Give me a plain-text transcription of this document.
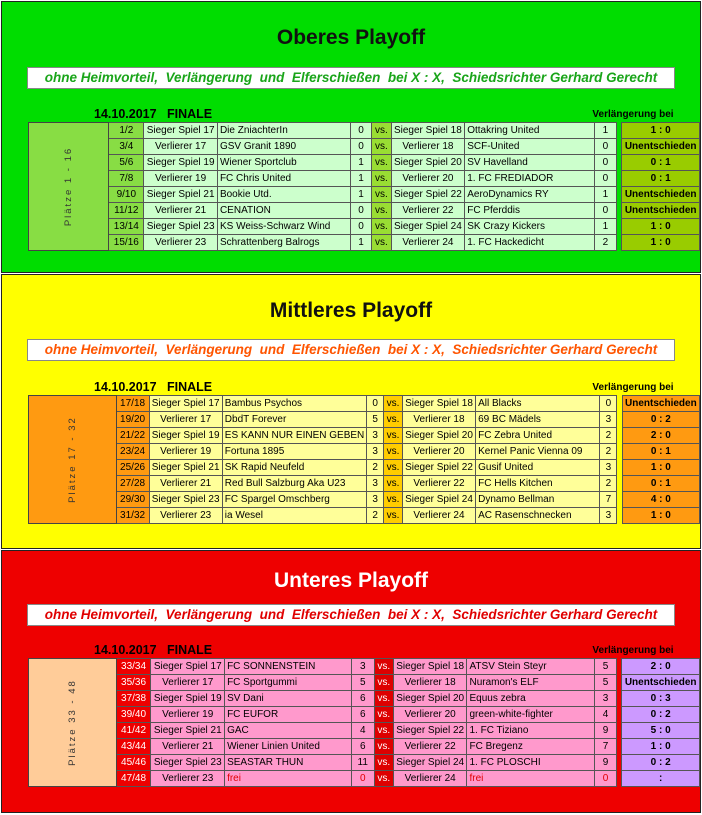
Oberes Playoff
ohne Heimvorteil,  Verlängerung  und  Elferschießen  bei X : X,  Schiedsrichter Gerhard Gerecht
14.10.2017 FINALE	Verlängerung bei
Plätze 1 - 16	1/2	Sieger Spiel 17	Die ZniachterIn	0	vs.	Sieger Spiel 18	Ottakring United	1		1 : 0
	3/4	Verlierer 17	GSV Granit 1890	0	vs.	Verlierer 18	SCF-United	0		Unentschieden
	5/6	Sieger Spiel 19	Wiener Sportclub	1	vs.	Sieger Spiel 20	SV Havelland	0		0 : 1
	7/8	Verlierer 19	FC Chris United	1	vs.	Verlierer 20	1. FC FREDIADOR	0		0 : 1
	9/10	Sieger Spiel 21	Bookie Utd.	1	vs.	Sieger Spiel 22	AeroDynamics RY	1		Unentschieden
	11/12	Verlierer 21	CENATION	0	vs.	Verlierer 22	FC Pferddis	0		Unentschieden
	13/14	Sieger Spiel 23	KS Weiss-Schwarz Wind	0	vs.	Sieger Spiel 24	SK Crazy Kickers	1		1 : 0
	15/16	Verlierer 23	Schrattenberg Balrogs	1	vs.	Verlierer 24	1. FC Hackedicht	2		1 : 0
Mittleres Playoff
ohne Heimvorteil,  Verlängerung  und  Elferschießen  bei X : X,  Schiedsrichter Gerhard Gerecht
14.10.2017 FINALE	Verlängerung bei
Plätze 17 - 32	17/18	Sieger Spiel 17	Bambus Psychos	0	vs.	Sieger Spiel 18	All Blacks	0		Unentschieden
	19/20	Verlierer 17	DbdT Forever	5	vs.	Verlierer 18	69 BC Mädels	3		0 : 2
	21/22	Sieger Spiel 19	ES KANN NUR EINEN GEBEN	3	vs.	Sieger Spiel 20	FC Zebra United	2		2 : 0
	23/24	Verlierer 19	Fortuna 1895	3	vs.	Verlierer 20	Kernel Panic Vienna 09	2		0 : 1
	25/26	Sieger Spiel 21	SK Rapid Neufeld	2	vs.	Sieger Spiel 22	Gusif United	3		1 : 0
	27/28	Verlierer 21	Red Bull Salzburg Aka U23	3	vs.	Verlierer 22	FC Hells Kitchen	2		0 : 1
	29/30	Sieger Spiel 23	FC Spargel Omschberg	3	vs.	Sieger Spiel 24	Dynamo Bellman	7		4 : 0
	31/32	Verlierer 23	ia Wesel	2	vs.	Verlierer 24	AC Rasenschnecken	3		1 : 0
Unteres Playoff
ohne Heimvorteil,  Verlängerung  und  Elferschießen  bei X : X,  Schiedsrichter Gerhard Gerecht
14.10.2017 FINALE	Verlängerung bei
Plätze 33 - 48	33/34	Sieger Spiel 17	FC SONNENSTEIN	3	vs.	Sieger Spiel 18	ATSV Stein Steyr	5		2 : 0
	35/36	Verlierer 17	FC Sportgummi	5	vs.	Verlierer 18	Nuramon's ELF	5		Unentschieden
	37/38	Sieger Spiel 19	SV Dani	6	vs.	Sieger Spiel 20	Equus zebra	3		0 : 3
	39/40	Verlierer 19	FC EUFOR	6	vs.	Verlierer 20	green-white-fighter	4		0 : 2
	41/42	Sieger Spiel 21	GAC	4	vs.	Sieger Spiel 22	1. FC Tiziano	9		5 : 0
	43/44	Verlierer 21	Wiener Linien United	6	vs.	Verlierer 22	FC Bregenz	7		1 : 0
	45/46	Sieger Spiel 23	SEASTAR THUN	11	vs.	Sieger Spiel 24	1. FC PLOSCHI	9		0 : 2
	47/48	Verlierer 23	frei	0	vs.	Verlierer 24	frei	0		:
